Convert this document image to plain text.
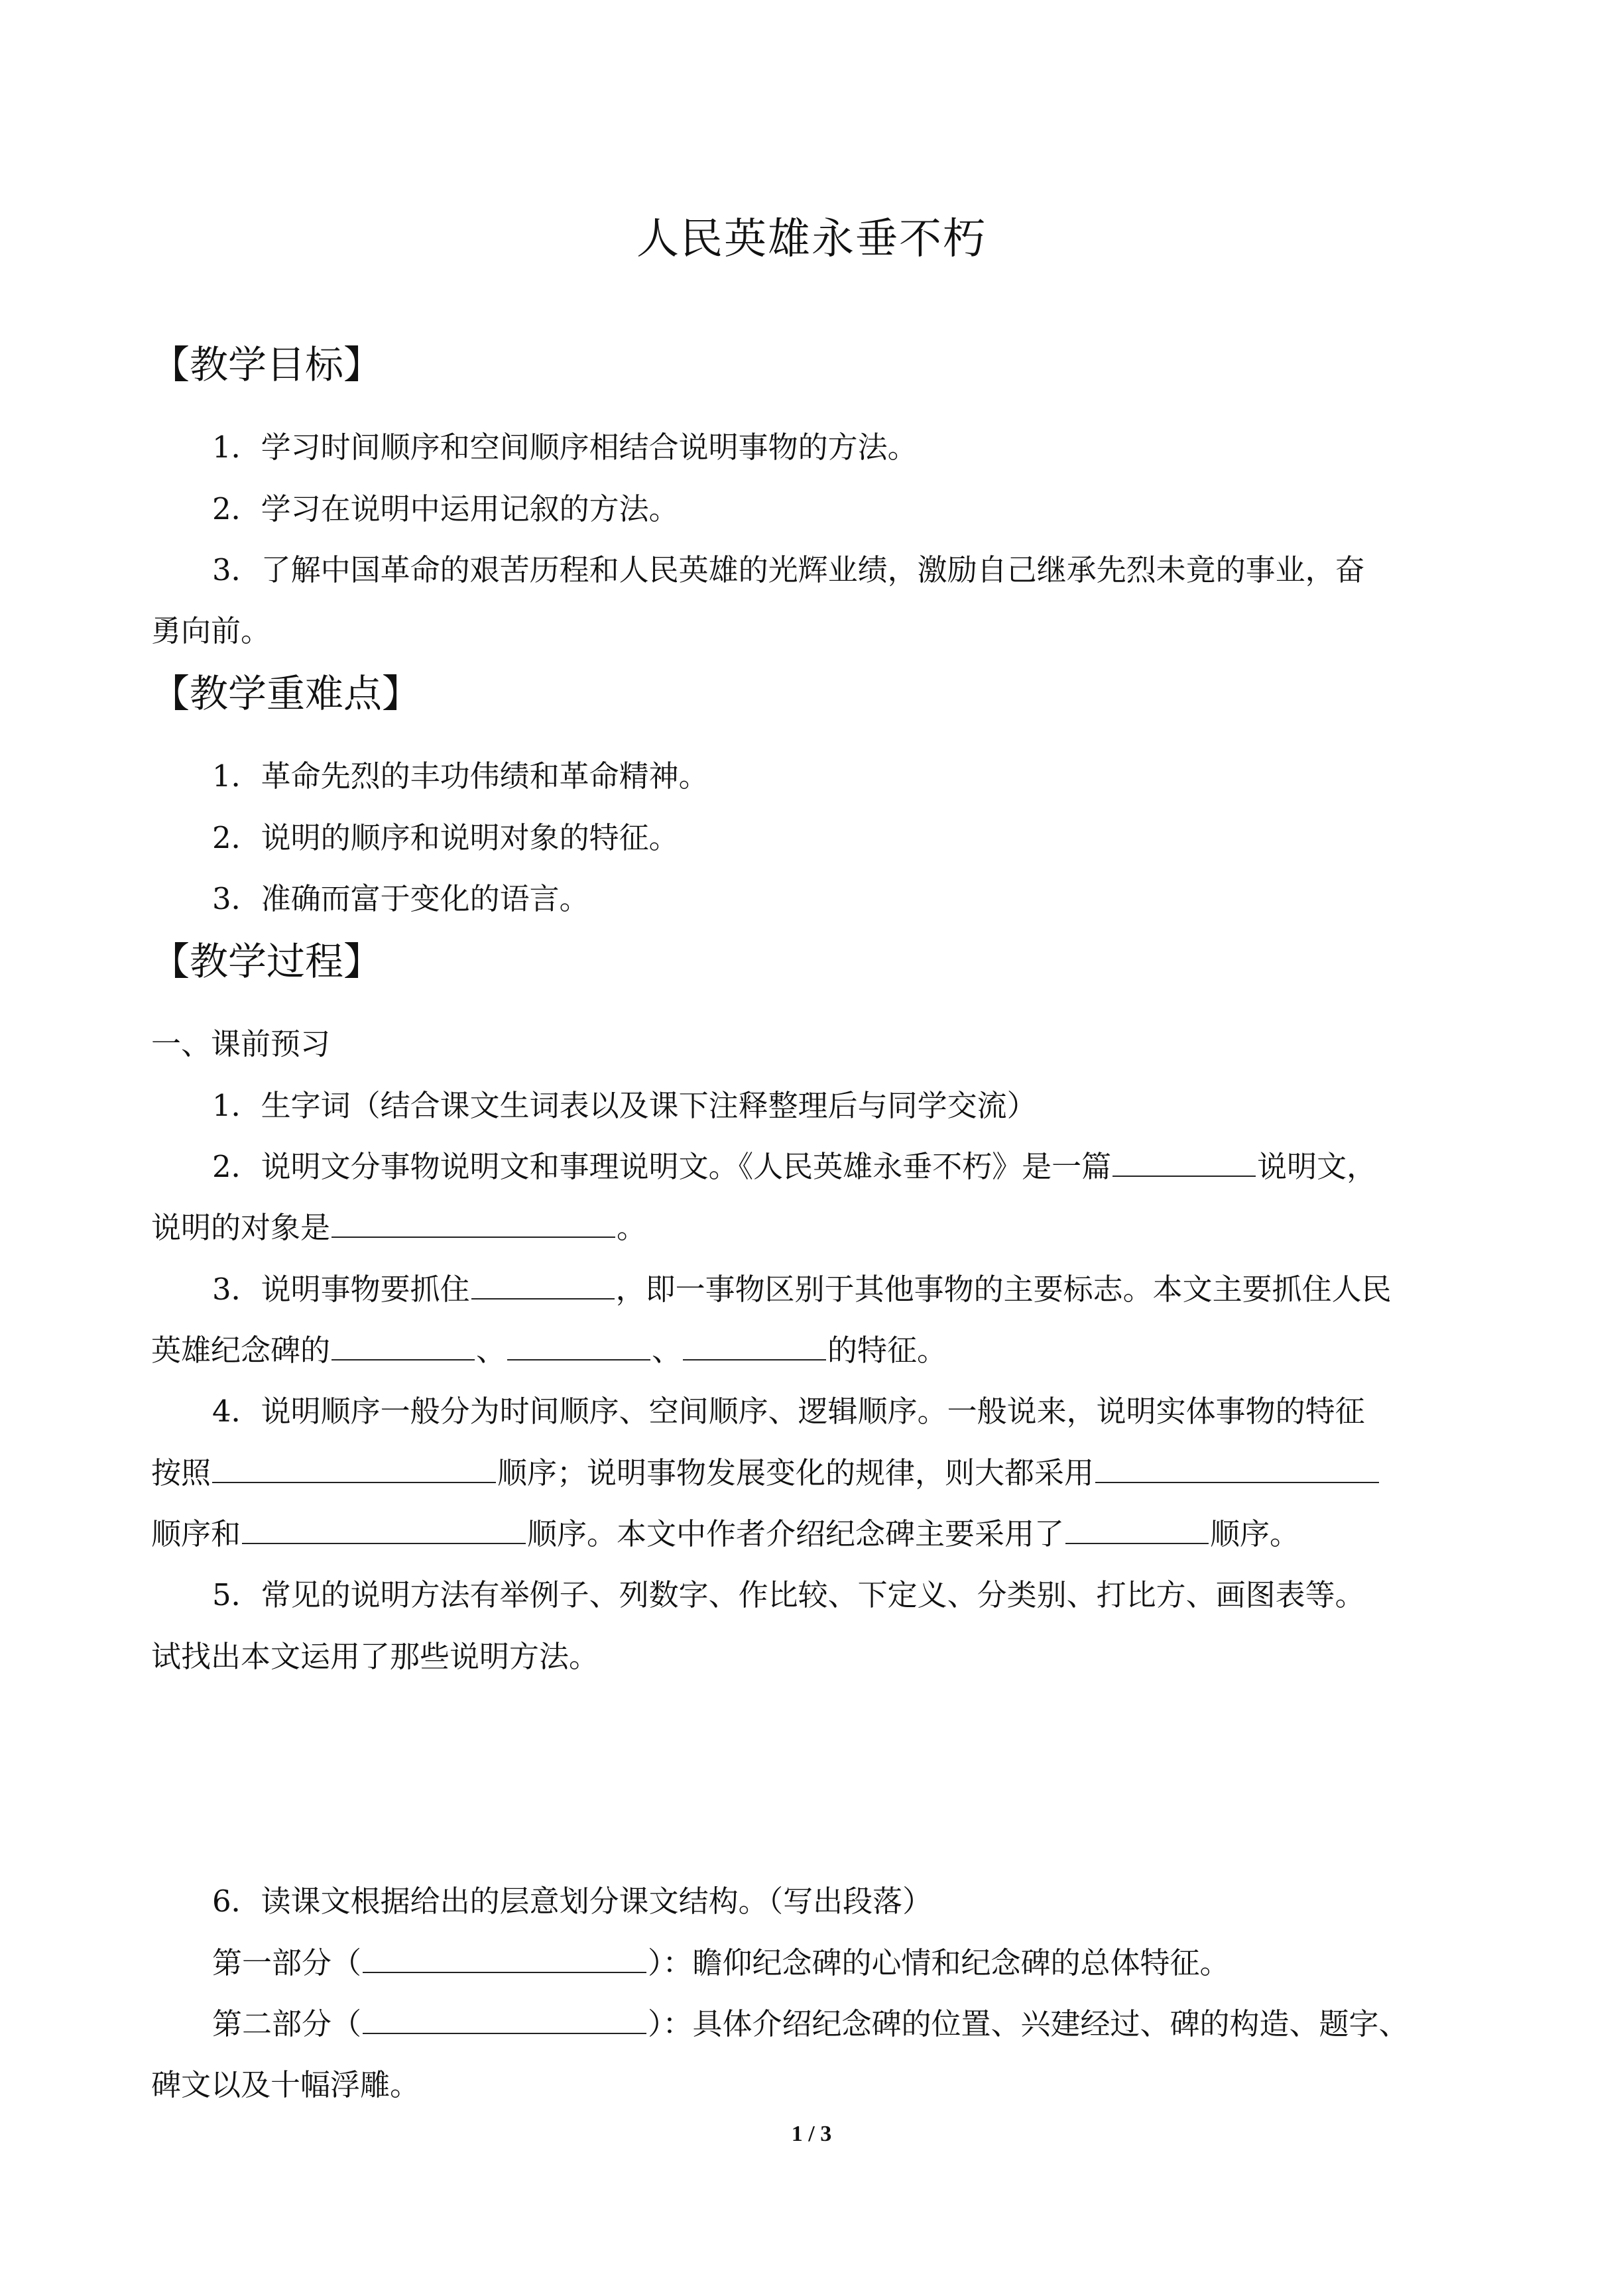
人民英雄永垂不朽
【教学目标】
1．学习时间顺序和空间顺序相结合说明事物的方法。
2．学习在说明中运用记叙的方法。
3．了解中国革命的艰苦历程和人民英雄的光辉业绩，激励自己继承先烈未竟的事业，奋
勇向前。
【教学重难点】
1．革命先烈的丰功伟绩和革命精神。
2．说明的顺序和说明对象的特征。
3．准确而富于变化的语言。
【教学过程】
一、课前预习
1．生字词（结合课文生词表以及课下注释整理后与同学交流）
2．说明文分事物说明文和事理说明文。《人民英雄永垂不朽》是一篇	说明文，
说明的对象是	。
3．说明事物要抓住	，即一事物区别于其他事物的主要标志。本文主要抓住人民
英雄纪念碑的	、	、	的特征。
4．说明顺序一般分为时间顺序、空间顺序、逻辑顺序。一般说来，说明实体事物的特征
按照	顺序；说明事物发展变化的规律，则大都采用
顺序和	顺序。本文中作者介绍纪念碑主要采用了	顺序。
5．常见的说明方法有举例子、列数字、作比较、下定义、分类别、打比方、画图表等。
试找出本文运用了那些说明方法。
6．读课文根据给出的层意划分课文结构。（写出段落）
第一部分（	）：瞻仰纪念碑的心情和纪念碑的总体特征。
第二部分（	）：具体介绍纪念碑的位置、兴建经过、碑的构造、题字、
碑文以及十幅浮雕。
1 / 3
